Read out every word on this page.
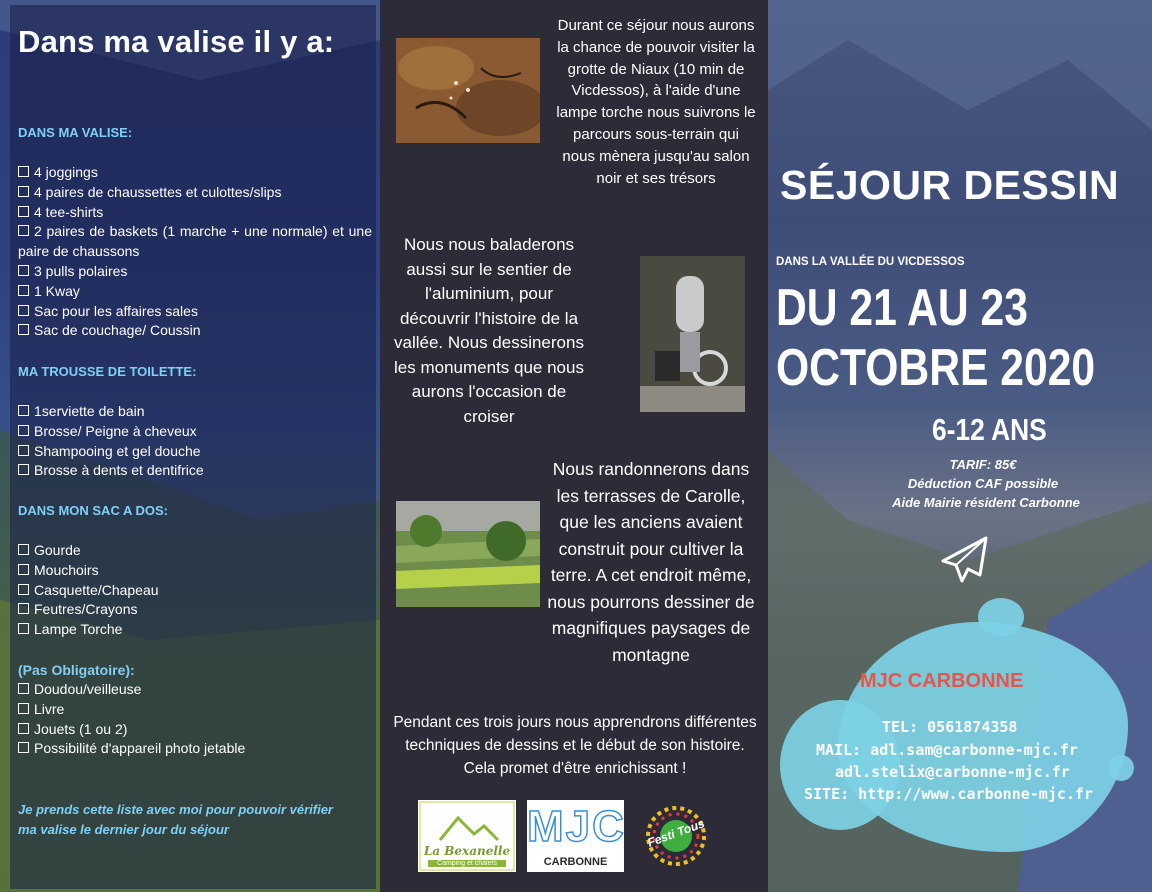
Dans ma valise il y a:
DANS MA VALISE:
4 joggings
4 paires de chaussettes et culottes/slips
4 tee-shirts
2 paires de baskets (1 marche + une normale) et une paire de chaussons
3 pulls polaires
1 Kway
Sac pour les affaires sales
Sac de couchage/ Coussin
MA TROUSSE DE TOILETTE:
1serviette de bain
Brosse/ Peigne à cheveux
Shampooing et gel douche
Brosse à dents et dentifrice
DANS MON SAC A DOS:
Gourde
Mouchoirs
Casquette/Chapeau
Feutres/Crayons
Lampe Torche
(Pas Obligatoire):
Doudou/veilleuse
Livre
Jouets (1 ou 2)
Possibilité d'appareil photo jetable
Je prends cette liste avec moi pour pouvoir vérifier ma valise le dernier jour du séjour
Durant ce séjour nous aurons la chance de pouvoir visiter la grotte de Niaux (10 min de Vicdessos), à l'aide d'une lampe torche nous suivrons le parcours sous-terrain qui nous mènera jusqu'au salon noir et ses trésors
Nous nous baladerons aussi sur le sentier de l'aluminium, pour découvrir l'histoire de la vallée. Nous dessinerons les monuments que nous aurons l'occasion de croiser
Nous randonnerons dans les terrasses de Carolle, que les anciens avaient construit pour cultiver la terre. A cet endroit même, nous pourrons dessiner de magnifiques paysages de montagne
Pendant ces trois jours nous apprendrons différentes techniques de dessins et le début de son histoire. Cela promet d'être enrichissant !
La Bexanelle
Camping et chalets
MJC
CARBONNE
Festi Tous
SÉJOUR DESSIN
DANS LA VALLÉE DU VICDESSOS
DU 21 AU 23
OCTOBRE 2020
6-12 ANS
TARIF: 85€
Déduction CAF possible
Aide Mairie résident Carbonne
MJC CARBONNE
TEL: 0561874358
MAIL: adl.sam@carbonne-mjc.fr
adl.stelix@carbonne-mjc.fr
SITE: http://www.carbonne-mjc.fr
